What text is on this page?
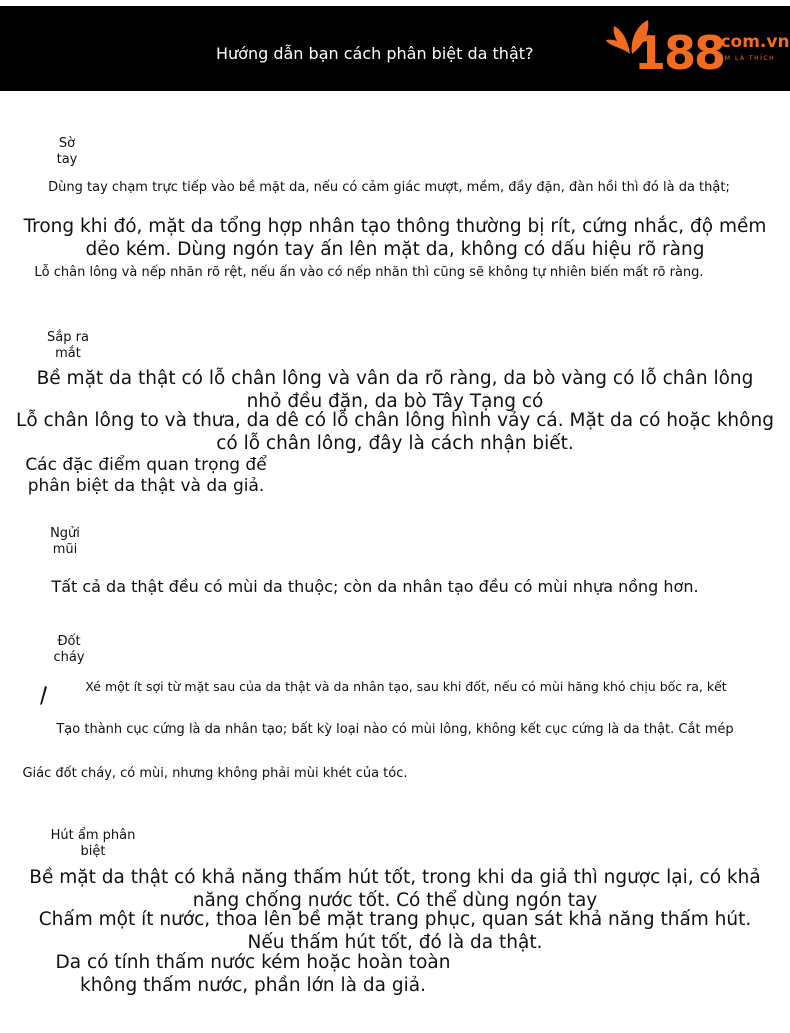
Hướng dẫn bạn cách phân biệt da thật? 188
.com.vn
XEM LÀ THÍCH
Sờ tay
Dùng tay chạm trực tiếp vào bề mặt da, nếu có cảm giác mượt, mềm, đầy đặn, đàn hồi thì đó là da thật;
Trong khi đó, mặt da tổng hợp nhân tạo thông thường bị rít, cứng nhắc, độ mềm dẻo kém. Dùng ngón tay ấn lên mặt da, không có dấu hiệu rõ ràng
Lỗ chân lông và nếp nhăn rõ rệt, nếu ấn vào có nếp nhăn thì cũng sẽ không tự nhiên biến mất rõ ràng.
Sắp ra mắt
Bề mặt da thật có lỗ chân lông và vân da rõ ràng, da bò vàng có lỗ chân lông nhỏ đều đặn, da bò Tây Tạng có
Lỗ chân lông to và thưa, da dê có lỗ chân lông hình vảy cá. Mặt da có hoặc không có lỗ chân lông, đây là cách nhận biết.
Các đặc điểm quan trọng để phân biệt da thật và da giả.
Ngửi mũi
Tất cả da thật đều có mùi da thuộc; còn da nhân tạo đều có mùi nhựa nồng hơn.
Đốt cháy
Xé một ít sợi từ mặt sau của da thật và da nhân tạo, sau khi đốt, nếu có mùi hăng khó chịu bốc ra, kết
Tạo thành cục cứng là da nhân tạo; bất kỳ loại nào có mùi lông, không kết cục cứng là da thật. Cắt mép
Giác đốt cháy, có mùi, nhưng không phải mùi khét của tóc.
Hút ẩm phân biệt
Bề mặt da thật có khả năng thấm hút tốt, trong khi da giả thì ngược lại, có khả năng chống nước tốt. Có thể dùng ngón tay
Chấm một ít nước, thoa lên bề mặt trang phục, quan sát khả năng thấm hút. Nếu thấm hút tốt, đó là da thật.
Da có tính thấm nước kém hoặc hoàn toàn không thấm nước, phần lớn là da giả.
